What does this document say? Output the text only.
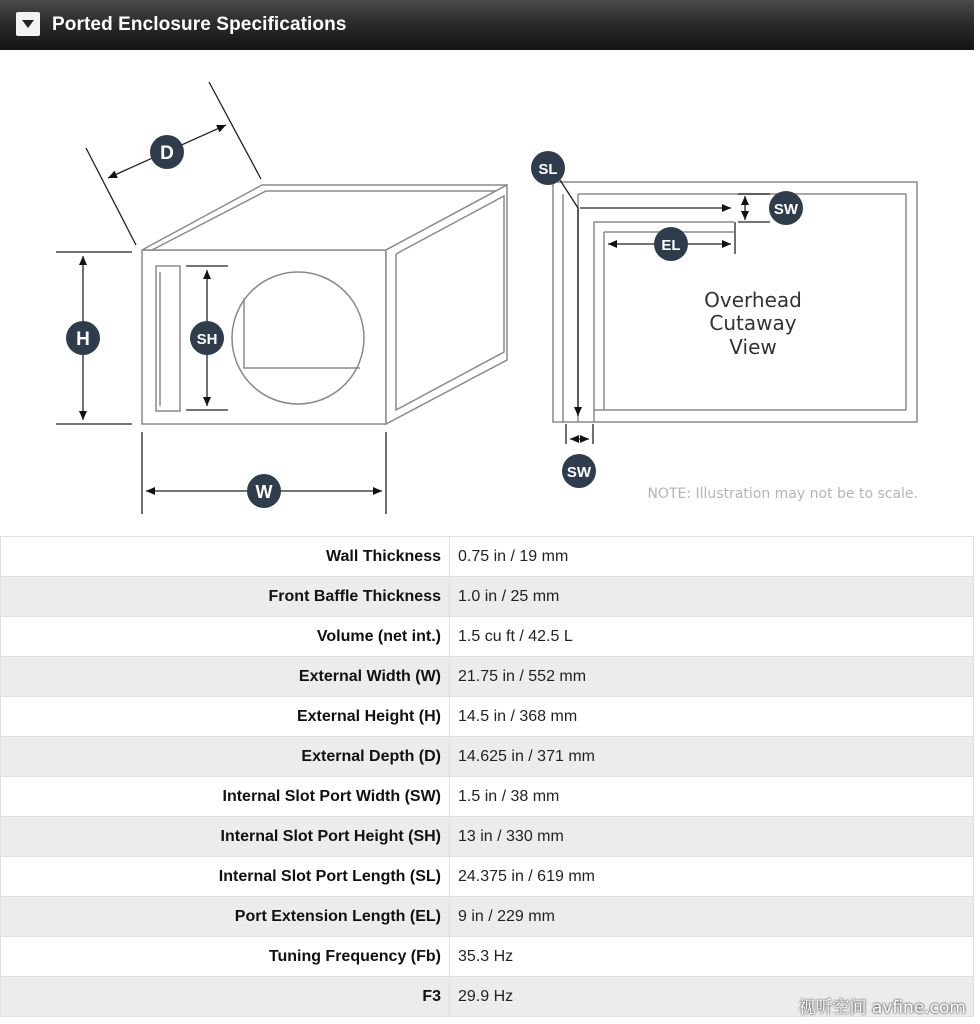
Ported Enclosure Specifications
D
H	SH
W
SL
SW
EL
SW
Overhead
Cutaway
View
NOTE: Illustration may not be to scale.
Wall Thickness	0.75 in / 19 mm
Front Baffle Thickness	1.0 in / 25 mm
Volume (net int.)	1.5 cu ft / 42.5 L
External Width (W)	21.75 in / 552 mm
External Height (H)	14.5 in / 368 mm
External Depth (D)	14.625 in / 371 mm
Internal Slot Port Width (SW)	1.5 in / 38 mm
Internal Slot Port Height (SH)	13 in / 330 mm
Internal Slot Port Length (SL)	24.375 in / 619 mm
Port Extension Length (EL)	9 in / 229 mm
Tuning Frequency (Fb)	35.3 Hz
F3	29.9 Hz
视听空间 avfine.com
